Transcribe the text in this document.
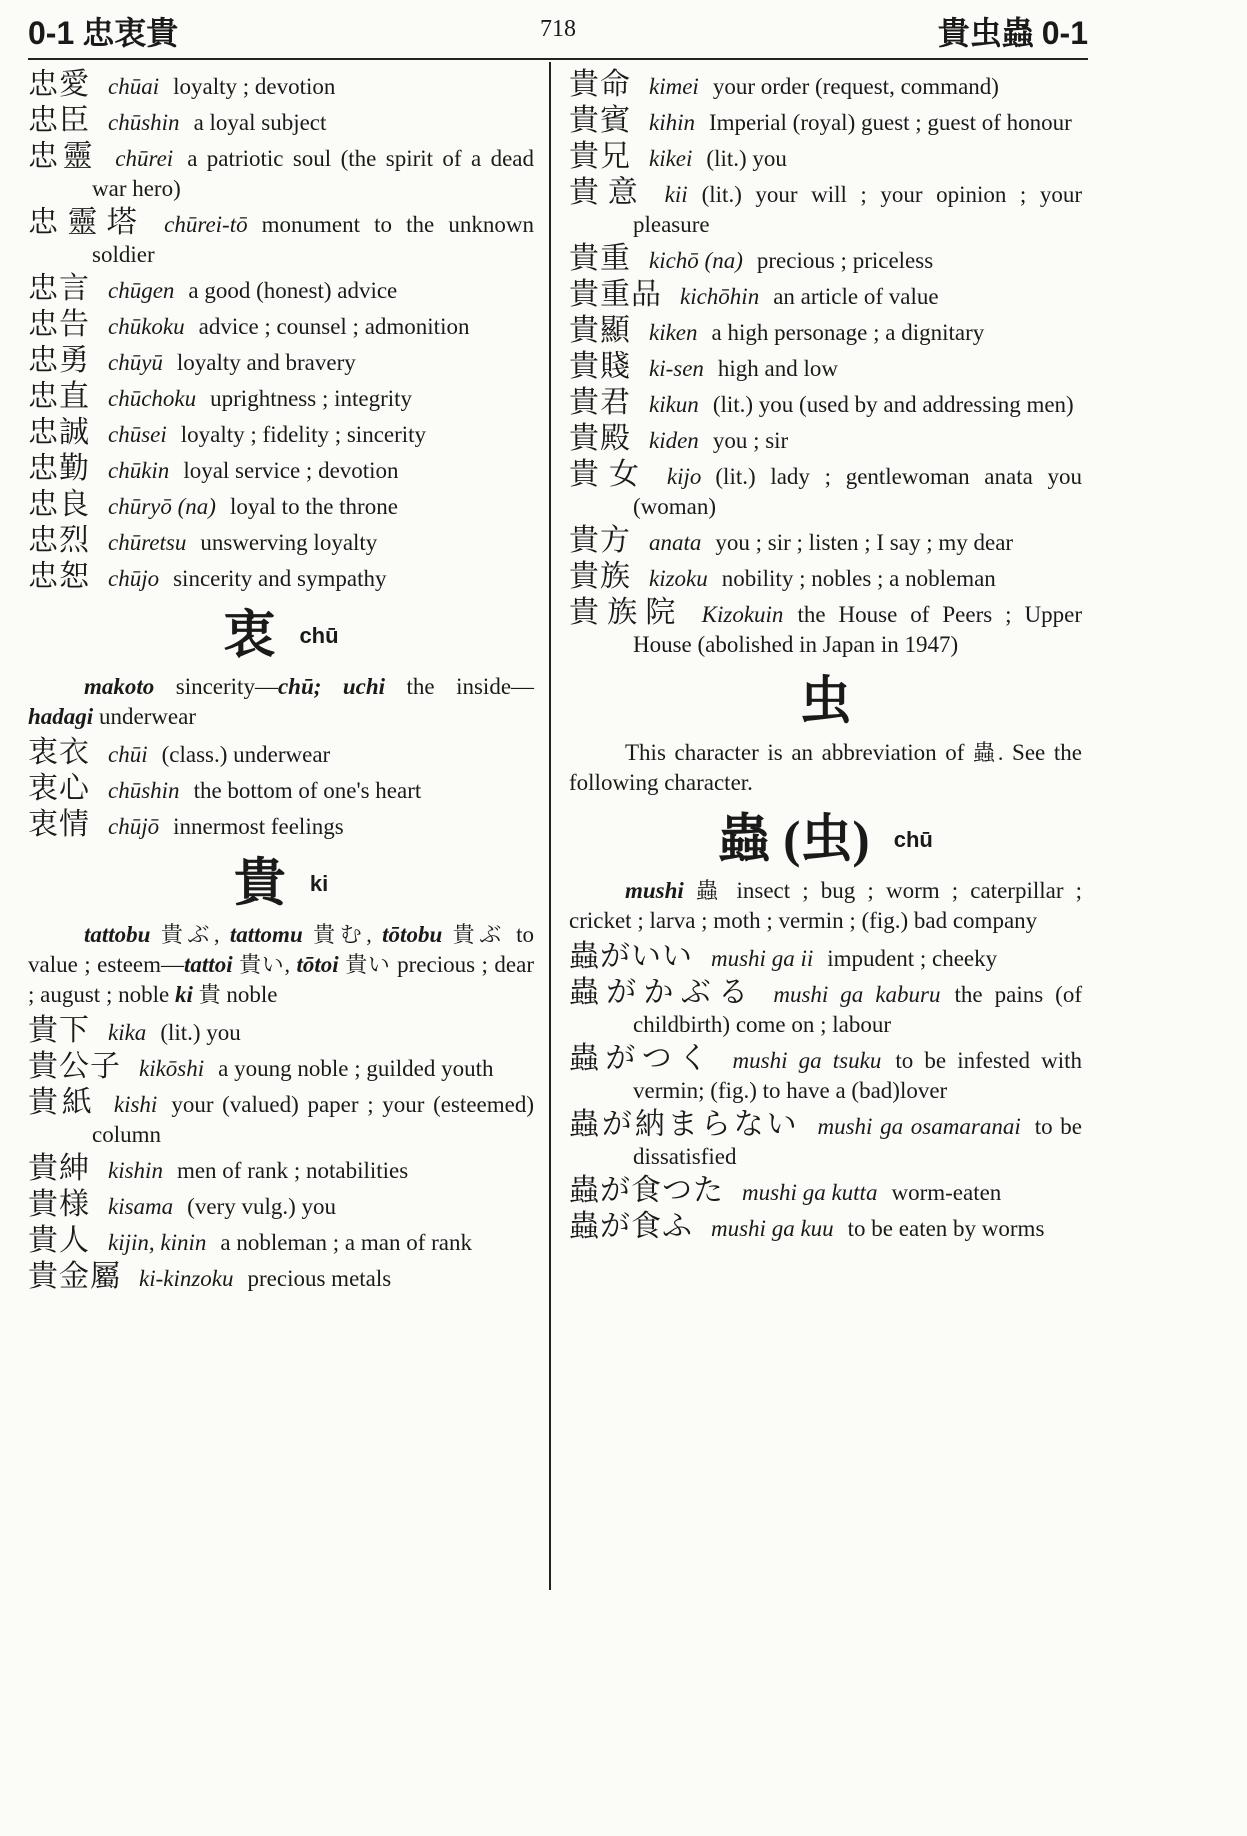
0-1 忠衷貴	718	貴虫蟲 0-1
忠愛 chūai loyalty ; devotion
忠臣 chūshin a loyal subject
忠靈 chūrei a patriotic soul (the spirit of a dead war hero)
忠靈塔 chūrei-tō monument to the unknown soldier
忠言 chūgen a good (honest) advice
忠告 chūkoku advice ; counsel ; admonition
忠勇 chūyū loyalty and bravery
忠直 chūchoku uprightness ; integrity
忠誠 chūsei loyalty ; fidelity ; sincerity
忠勤 chūkin loyal service ; devotion
忠良 chūryō (na) loyal to the throne
忠烈 chūretsu unswerving loyalty
忠恕 chūjo sincerity and sympathy
衷 chū

makoto sincerity—chū; uchi the inside—hadagi underwear

衷衣 chūi (class.) underwear
衷心 chūshin the bottom of one's heart
衷情 chūjō innermost feelings
貴 ki

tattobu 貴ぶ, tattomu 貴む, tōtobu 貴ぶ to value ; esteem—tattoi 貴い, tōtoi 貴い precious ; dear ; august ; noble ki 貴 noble

貴下 kika (lit.) you
貴公子 kikōshi a young noble ; guilded youth
貴紙 kishi your (valued) paper ; your (esteemed) column
貴紳 kishin men of rank ; notabilities
貴様 kisama (very vulg.) you
貴人 kijin, kinin a nobleman ; a man of rank
貴金屬 ki-kinzoku precious metals
貴命 kimei your order (request, command)
貴賓 kihin Imperial (royal) guest ; guest of honour
貴兄 kikei (lit.) you
貴意 kii (lit.) your will ; your opinion ; your pleasure
貴重 kichō (na) precious ; priceless
貴重品 kichōhin an article of value
貴顯 kiken a high personage ; a dignitary
貴賤 ki-sen high and low
貴君 kikun (lit.) you (used by and addressing men)
貴殿 kiden you ; sir
貴女 kijo (lit.) lady ; gentlewoman anata you (woman)
貴方 anata you ; sir ; listen ; I say ; my dear
貴族 kizoku nobility ; nobles ; a nobleman
貴族院 Kizokuin the House of Peers ; Upper House (abolished in Japan in 1947)
虫

This character is an abbreviation of 蟲. See the following character.

蟲 (虫) chū

mushi 蟲 insect ; bug ; worm ; caterpillar ; cricket ; larva ; moth ; vermin ; (fig.) bad company

蟲がいい mushi ga ii impudent ; cheeky
蟲がかぶる mushi ga kaburu the pains (of childbirth) come on ; labour
蟲がつく mushi ga tsuku to be infested with vermin; (fig.) to have a (bad)lover
蟲が納まらない mushi ga osamaranai to be dissatisfied
蟲が食つた mushi ga kutta worm-eaten
蟲が食ふ mushi ga kuu to be eaten by worms
